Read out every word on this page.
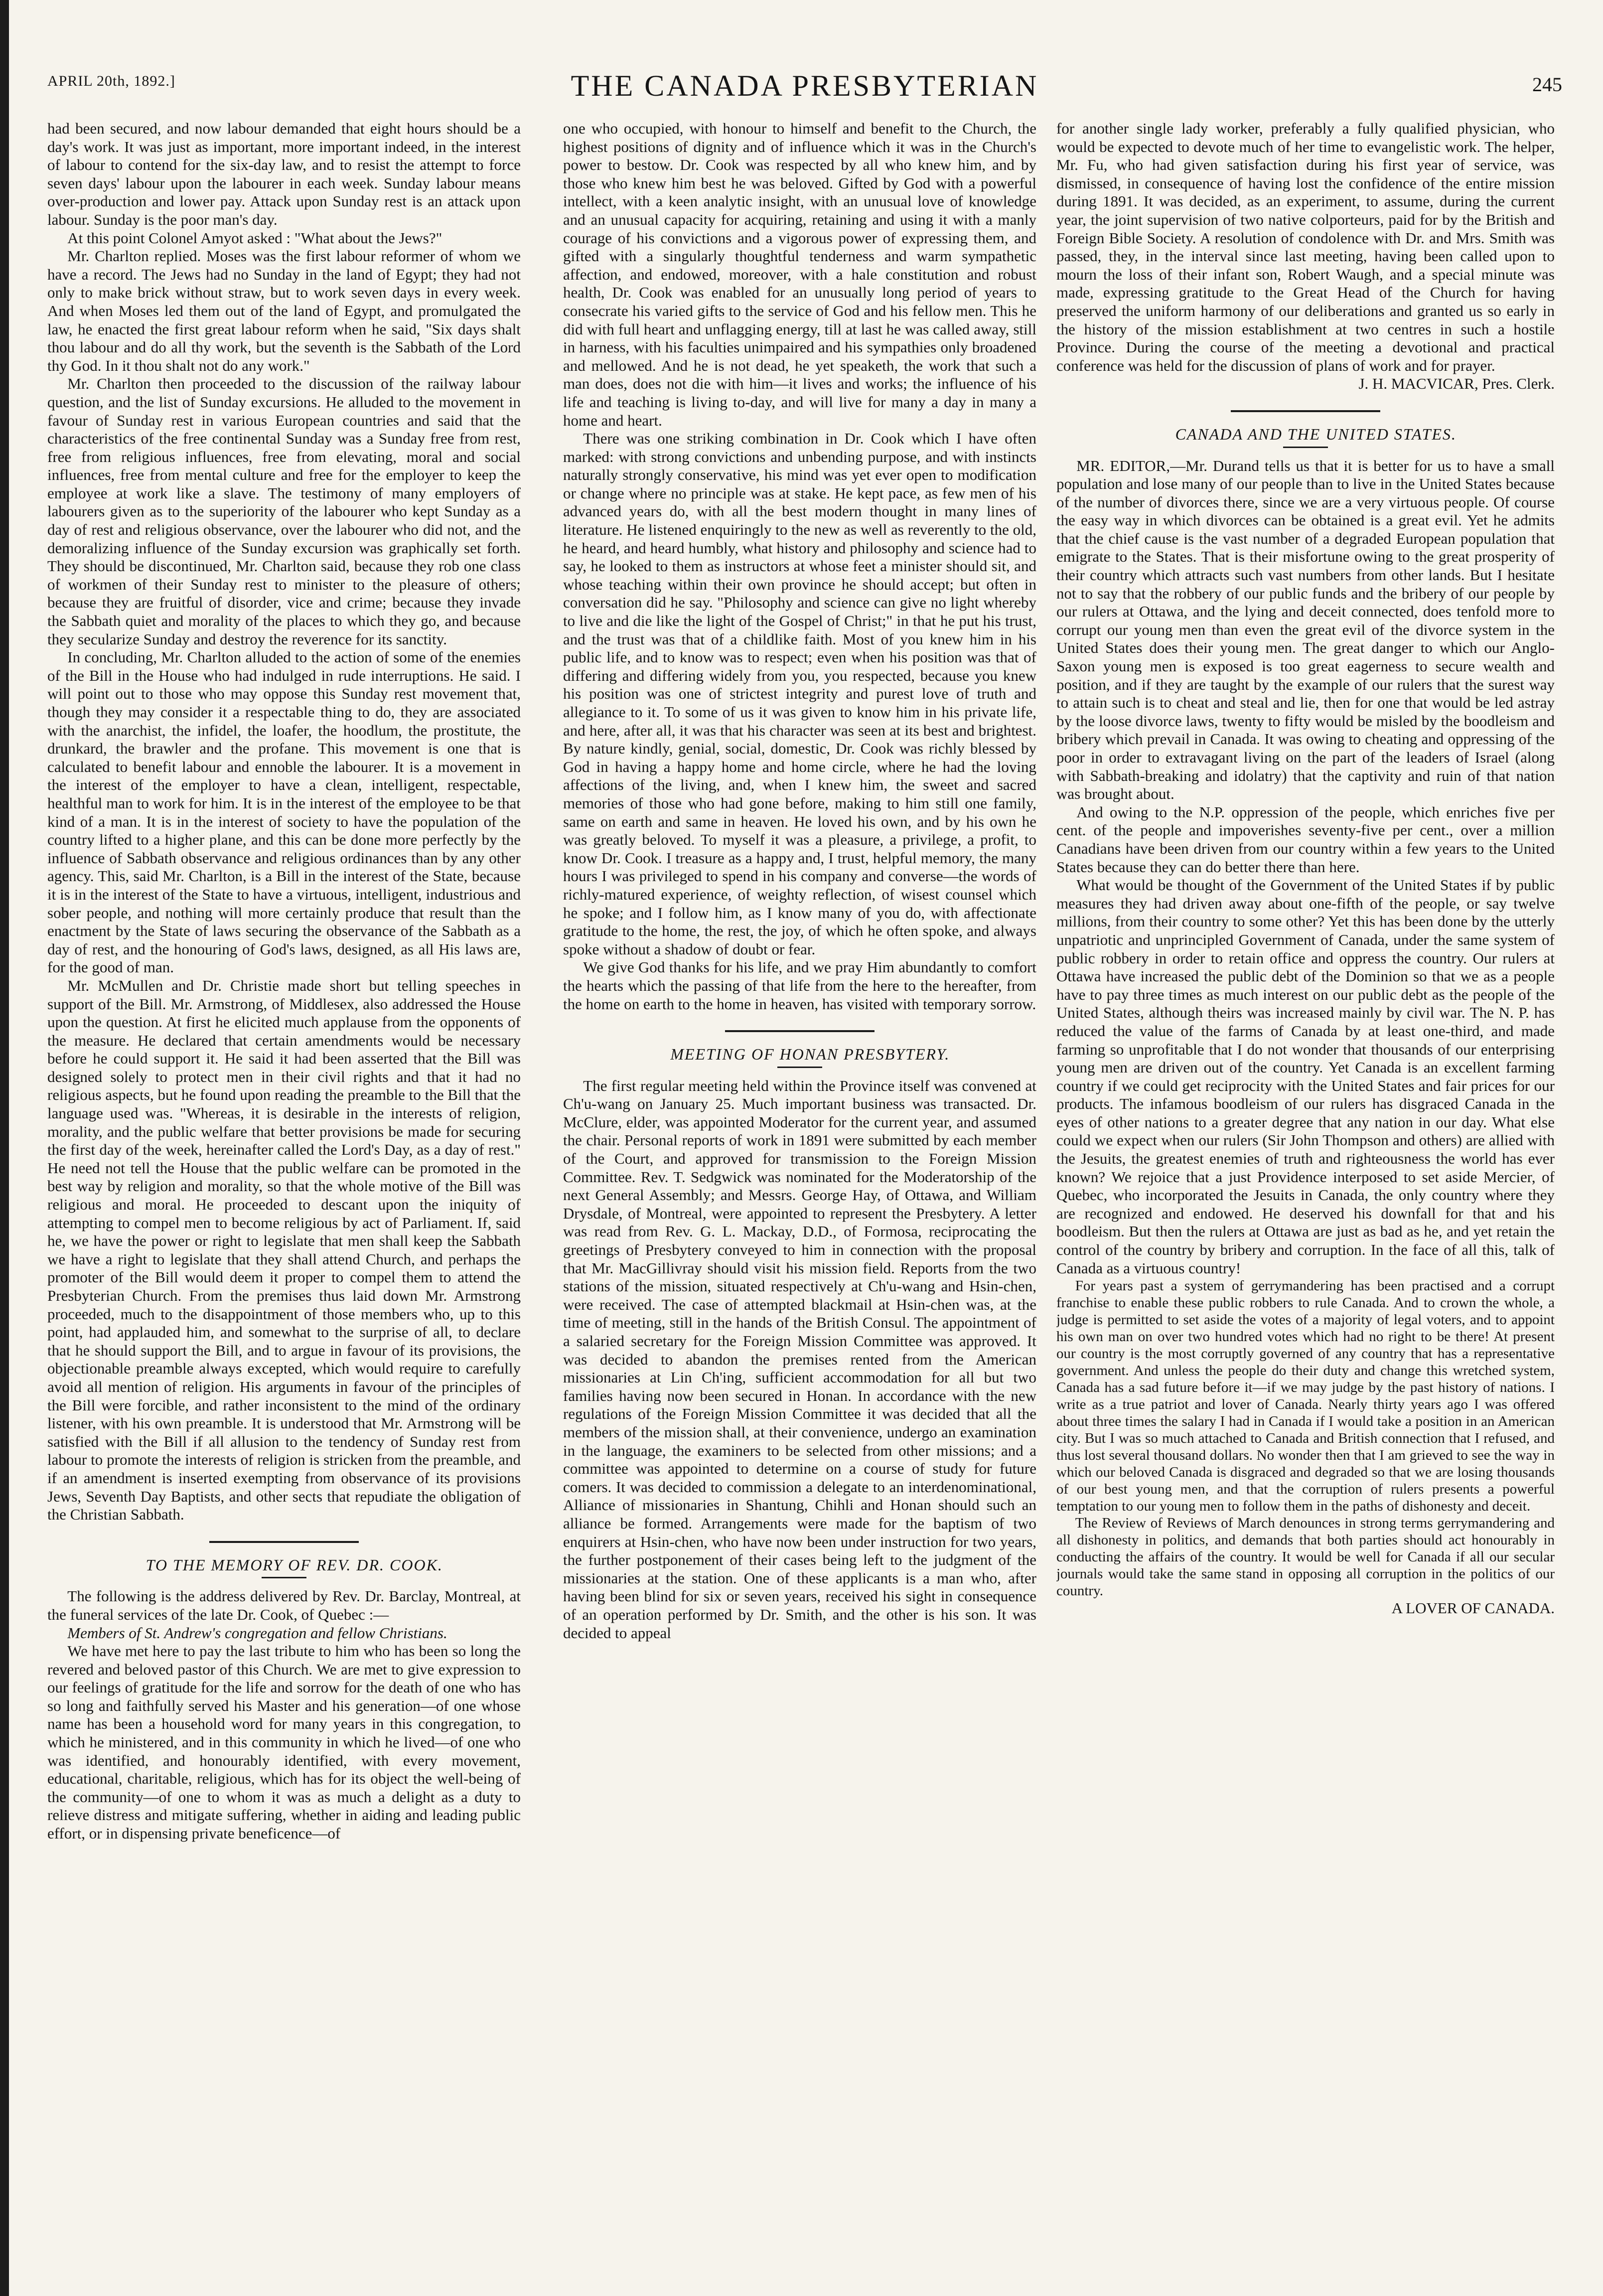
APRIL 20th, 1892.]	THE CANADA PRESBYTERIAN	245

had been secured, and now labour demanded that eight hours should be a day's work. It was just as important, more important indeed, in the interest of labour to contend for the six-day law, and to resist the attempt to force seven days' labour upon the labourer in each week. Sunday labour means over-production and lower pay. Attack upon Sunday rest is an attack upon labour. Sunday is the poor man's day.

At this point Colonel Amyot asked : "What about the Jews?"

Mr. Charlton replied. Moses was the first labour reformer of whom we have a record. The Jews had no Sunday in the land of Egypt; they had not only to make brick without straw, but to work seven days in every week. And when Moses led them out of the land of Egypt, and promulgated the law, he enacted the first great labour reform when he said, "Six days shalt thou labour and do all thy work, but the seventh is the Sabbath of the Lord thy God. In it thou shalt not do any work."

Mr. Charlton then proceeded to the discussion of the railway labour question, and the list of Sunday excursions. He alluded to the movement in favour of Sunday rest in various European countries and said that the characteristics of the free continental Sunday was a Sunday free from rest, free from religious influences, free from elevating, moral and social influences, free from mental culture and free for the employer to keep the employee at work like a slave. The testimony of many employers of labourers given as to the superiority of the labourer who kept Sunday as a day of rest and religious observance, over the labourer who did not, and the demoralizing influence of the Sunday excursion was graphically set forth. They should be discontinued, Mr. Charlton said, because they rob one class of workmen of their Sunday rest to minister to the pleasure of others; because they are fruitful of disorder, vice and crime; because they invade the Sabbath quiet and morality of the places to which they go, and because they secularize Sunday and destroy the reverence for its sanctity.

In concluding, Mr. Charlton alluded to the action of some of the enemies of the Bill in the House who had indulged in rude interruptions. He said. I will point out to those who may oppose this Sunday rest movement that, though they may consider it a respectable thing to do, they are associated with the anarchist, the infidel, the loafer, the hoodlum, the prostitute, the drunkard, the brawler and the profane. This movement is one that is calculated to benefit labour and ennoble the labourer. It is a movement in the interest of the employer to have a clean, intelligent, respectable, healthful man to work for him. It is in the interest of the employee to be that kind of a man. It is in the interest of society to have the population of the country lifted to a higher plane, and this can be done more perfectly by the influence of Sabbath observance and religious ordinances than by any other agency. This, said Mr. Charlton, is a Bill in the interest of the State, because it is in the interest of the State to have a virtuous, intelligent, industrious and sober people, and nothing will more certainly produce that result than the enactment by the State of laws securing the observance of the Sabbath as a day of rest, and the honouring of God's laws, designed, as all His laws are, for the good of man.

Mr. McMullen and Dr. Christie made short but telling speeches in support of the Bill. Mr. Armstrong, of Middlesex, also addressed the House upon the question. At first he elicited much applause from the opponents of the measure. He declared that certain amendments would be necessary before he could support it. He said it had been asserted that the Bill was designed solely to protect men in their civil rights and that it had no religious aspects, but he found upon reading the preamble to the Bill that the language used was. "Whereas, it is desirable in the interests of religion, morality, and the public welfare that better provisions be made for securing the first day of the week, hereinafter called the Lord's Day, as a day of rest." He need not tell the House that the public welfare can be promoted in the best way by religion and morality, so that the whole motive of the Bill was religious and moral. He proceeded to descant upon the iniquity of attempting to compel men to become religious by act of Parliament. If, said he, we have the power or right to legislate that men shall keep the Sabbath we have a right to legislate that they shall attend Church, and perhaps the promoter of the Bill would deem it proper to compel them to attend the Presbyterian Church. From the premises thus laid down Mr. Armstrong proceeded, much to the disappointment of those members who, up to this point, had applauded him, and somewhat to the surprise of all, to declare that he should support the Bill, and to argue in favour of its provisions, the objectionable preamble always excepted, which would require to carefully avoid all mention of religion. His arguments in favour of the principles of the Bill were forcible, and rather inconsistent to the mind of the ordinary listener, with his own preamble. It is understood that Mr. Armstrong will be satisfied with the Bill if all allusion to the tendency of Sunday rest from labour to promote the interests of religion is stricken from the preamble, and if an amendment is inserted exempting from observance of its provisions Jews, Seventh Day Baptists, and other sects that repudiate the obligation of the Christian Sabbath.

TO THE MEMORY OF REV. DR. COOK.

The following is the address delivered by Rev. Dr. Barclay, Montreal, at the funeral services of the late Dr. Cook, of Quebec :—

Members of St. Andrew's congregation and fellow Christians.

We have met here to pay the last tribute to him who has been so long the revered and beloved pastor of this Church. We are met to give expression to our feelings of gratitude for the life and sorrow for the death of one who has so long and faithfully served his Master and his generation—of one whose name has been a household word for many years in this congregation, to which he ministered, and in this community in which he lived—of one who was identified, and honourably identified, with every movement, educational, charitable, religious, which has for its object the well-being of the community—of one to whom it was as much a delight as a duty to relieve distress and mitigate suffering, whether in aiding and leading public effort, or in dispensing private beneficence—of

one who occupied, with honour to himself and benefit to the Church, the highest positions of dignity and of influence which it was in the Church's power to bestow. Dr. Cook was respected by all who knew him, and by those who knew him best he was beloved. Gifted by God with a powerful intellect, with a keen analytic insight, with an unusual love of knowledge and an unusual capacity for acquiring, retaining and using it with a manly courage of his convictions and a vigorous power of expressing them, and gifted with a singularly thoughtful tenderness and warm sympathetic affection, and endowed, moreover, with a hale constitution and robust health, Dr. Cook was enabled for an unusually long period of years to consecrate his varied gifts to the service of God and his fellow men. This he did with full heart and unflagging energy, till at last he was called away, still in harness, with his faculties unimpaired and his sympathies only broadened and mellowed. And he is not dead, he yet speaketh, the work that such a man does, does not die with him—it lives and works; the influence of his life and teaching is living to-day, and will live for many a day in many a home and heart.

There was one striking combination in Dr. Cook which I have often marked: with strong convictions and unbending purpose, and with instincts naturally strongly conservative, his mind was yet ever open to modification or change where no principle was at stake. He kept pace, as few men of his advanced years do, with all the best modern thought in many lines of literature. He listened enquiringly to the new as well as reverently to the old, he heard, and heard humbly, what history and philosophy and science had to say, he looked to them as instructors at whose feet a minister should sit, and whose teaching within their own province he should accept; but often in conversation did he say. "Philosophy and science can give no light whereby to live and die like the light of the Gospel of Christ;" in that he put his trust, and the trust was that of a childlike faith. Most of you knew him in his public life, and to know was to respect; even when his position was that of differing and differing widely from you, you respected, because you knew his position was one of strictest integrity and purest love of truth and allegiance to it. To some of us it was given to know him in his private life, and here, after all, it was that his character was seen at its best and brightest. By nature kindly, genial, social, domestic, Dr. Cook was richly blessed by God in having a happy home and home circle, where he had the loving affections of the living, and, when I knew him, the sweet and sacred memories of those who had gone before, making to him still one family, same on earth and same in heaven. He loved his own, and by his own he was greatly beloved. To myself it was a pleasure, a privilege, a profit, to know Dr. Cook. I treasure as a happy and, I trust, helpful memory, the many hours I was privileged to spend in his company and converse—the words of richly-matured experience, of weighty reflection, of wisest counsel which he spoke; and I follow him, as I know many of you do, with affectionate gratitude to the home, the rest, the joy, of which he often spoke, and always spoke without a shadow of doubt or fear.

We give God thanks for his life, and we pray Him abundantly to comfort the hearts which the passing of that life from the here to the hereafter, from the home on earth to the home in heaven, has visited with temporary sorrow.

MEETING OF HONAN PRESBYTERY.

The first regular meeting held within the Province itself was convened at Ch'u-wang on January 25. Much important business was transacted. Dr. McClure, elder, was appointed Moderator for the current year, and assumed the chair. Personal reports of work in 1891 were submitted by each member of the Court, and approved for transmission to the Foreign Mission Committee. Rev. T. Sedgwick was nominated for the Moderatorship of the next General Assembly; and Messrs. George Hay, of Ottawa, and William Drysdale, of Montreal, were appointed to represent the Presbytery. A letter was read from Rev. G. L. Mackay, D.D., of Formosa, reciprocating the greetings of Presbytery conveyed to him in connection with the proposal that Mr. MacGillivray should visit his mission field. Reports from the two stations of the mission, situated respectively at Ch'u-wang and Hsin-chen, were received. The case of attempted blackmail at Hsin-chen was, at the time of meeting, still in the hands of the British Consul. The appointment of a salaried secretary for the Foreign Mission Committee was approved. It was decided to abandon the premises rented from the American missionaries at Lin Ch'ing, sufficient accommodation for all but two families having now been secured in Honan. In accordance with the new regulations of the Foreign Mission Committee it was decided that all the members of the mission shall, at their convenience, undergo an examination in the language, the examiners to be selected from other missions; and a committee was appointed to determine on a course of study for future comers. It was decided to commission a delegate to an interdenominational, Alliance of missionaries in Shantung, Chihli and Honan should such an alliance be formed. Arrangements were made for the baptism of two enquirers at Hsin-chen, who have now been under instruction for two years, the further postponement of their cases being left to the judgment of the missionaries at the station. One of these applicants is a man who, after having been blind for six or seven years, received his sight in consequence of an operation performed by Dr. Smith, and the other is his son. It was decided to appeal

for another single lady worker, preferably a fully qualified physician, who would be expected to devote much of her time to evangelistic work. The helper, Mr. Fu, who had given satisfaction during his first year of service, was dismissed, in consequence of having lost the confidence of the entire mission during 1891. It was decided, as an experiment, to assume, during the current year, the joint supervision of two native colporteurs, paid for by the British and Foreign Bible Society. A resolution of condolence with Dr. and Mrs. Smith was passed, they, in the interval since last meeting, having been called upon to mourn the loss of their infant son, Robert Waugh, and a special minute was made, expressing gratitude to the Great Head of the Church for having preserved the uniform harmony of our deliberations and granted us so early in the history of the mission establishment at two centres in such a hostile Province. During the course of the meeting a devotional and practical conference was held for the discussion of plans of work and for prayer.

J. H. MACVICAR, Pres. Clerk.

CANADA AND THE UNITED STATES.

MR. EDITOR,—Mr. Durand tells us that it is better for us to have a small population and lose many of our people than to live in the United States because of the number of divorces there, since we are a very virtuous people. Of course the easy way in which divorces can be obtained is a great evil. Yet he admits that the chief cause is the vast number of a degraded European population that emigrate to the States. That is their misfortune owing to the great prosperity of their country which attracts such vast numbers from other lands. But I hesitate not to say that the robbery of our public funds and the bribery of our people by our rulers at Ottawa, and the lying and deceit connected, does tenfold more to corrupt our young men than even the great evil of the divorce system in the United States does their young men. The great danger to which our Anglo-Saxon young men is exposed is too great eagerness to secure wealth and position, and if they are taught by the example of our rulers that the surest way to attain such is to cheat and steal and lie, then for one that would be led astray by the loose divorce laws, twenty to fifty would be misled by the boodleism and bribery which prevail in Canada. It was owing to cheating and oppressing of the poor in order to extravagant living on the part of the leaders of Israel (along with Sabbath-breaking and idolatry) that the captivity and ruin of that nation was brought about.

And owing to the N.P. oppression of the people, which enriches five per cent. of the people and impoverishes seventy-five per cent., over a million Canadians have been driven from our country within a few years to the United States because they can do better there than here.

What would be thought of the Government of the United States if by public measures they had driven away about one-fifth of the people, or say twelve millions, from their country to some other? Yet this has been done by the utterly unpatriotic and unprincipled Government of Canada, under the same system of public robbery in order to retain office and oppress the country. Our rulers at Ottawa have increased the public debt of the Dominion so that we as a people have to pay three times as much interest on our public debt as the people of the United States, although theirs was increased mainly by civil war. The N. P. has reduced the value of the farms of Canada by at least one-third, and made farming so unprofitable that I do not wonder that thousands of our enterprising young men are driven out of the country. Yet Canada is an excellent farming country if we could get reciprocity with the United States and fair prices for our products. The infamous boodleism of our rulers has disgraced Canada in the eyes of other nations to a greater degree that any nation in our day. What else could we expect when our rulers (Sir John Thompson and others) are allied with the Jesuits, the greatest enemies of truth and righteousness the world has ever known? We rejoice that a just Providence interposed to set aside Mercier, of Quebec, who incorporated the Jesuits in Canada, the only country where they are recognized and endowed. He deserved his downfall for that and his boodleism. But then the rulers at Ottawa are just as bad as he, and yet retain the control of the country by bribery and corruption. In the face of all this, talk of Canada as a virtuous country!

For years past a system of gerrymandering has been practised and a corrupt franchise to enable these public robbers to rule Canada. And to crown the whole, a judge is permitted to set aside the votes of a majority of legal voters, and to appoint his own man on over two hundred votes which had no right to be there! At present our country is the most corruptly governed of any country that has a representative government. And unless the people do their duty and change this wretched system, Canada has a sad future before it—if we may judge by the past history of nations. I write as a true patriot and lover of Canada. Nearly thirty years ago I was offered about three times the salary I had in Canada if I would take a position in an American city. But I was so much attached to Canada and British connection that I refused, and thus lost several thousand dollars. No wonder then that I am grieved to see the way in which our beloved Canada is disgraced and degraded so that we are losing thousands of our best young men, and that the corruption of rulers presents a powerful temptation to our young men to follow them in the paths of dishonesty and deceit.

The Review of Reviews of March denounces in strong terms gerrymandering and all dishonesty in politics, and demands that both parties should act honourably in conducting the affairs of the country. It would be well for Canada if all our secular journals would take the same stand in opposing all corruption in the politics of our country.

A LOVER OF CANADA.
